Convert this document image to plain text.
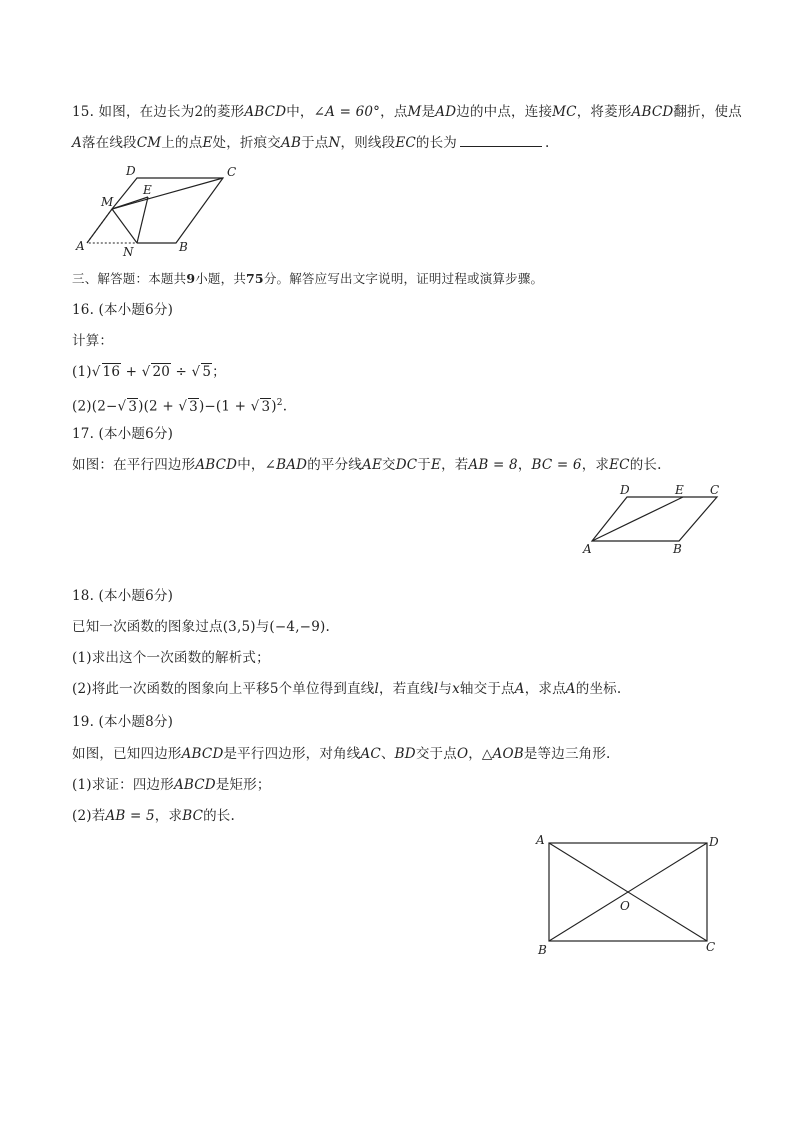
15. 如图，在边长为2的菱形ABCD中，∠A = 60°，点M是AD边的中点，连接MC，将菱形ABCD翻折，使点
A落在线段CM上的点E处，折痕交AB于点N，则线段EC的长为	.
D	C
E
M
A	N	B
三、解答题：本题共9小题，共75分。解答应写出文字说明，证明过程或演算步骤。
16. (本小题6分)
计算：
(1)√ 16 + √ 20 ÷ √ 5；
(2)(2−√ 3)(2 + √ 3)−(1 + √ 3)$^2$.
17. (本小题6分)
如图：在平行四边形ABCD中，∠BAD的平分线AE交DC于E，若AB = 8，BC = 6，求EC的长.
D	E C
A	B
18. (本小题6分)
已知一次函数的图象过点(3,5)与(−4,−9).
(1)求出这个一次函数的解析式；
(2)将此一次函数的图象向上平移5个单位得到直线l，若直线l与x轴交于点A，求点A的坐标.
19. (本小题8分)
如图，已知四边形ABCD是平行四边形，对角线AC、BD交于点O，△AOB是等边三角形.
(1)求证：四边形ABCD是矩形；
(2)若AB = 5，求BC的长.
A	D
O
B	C
